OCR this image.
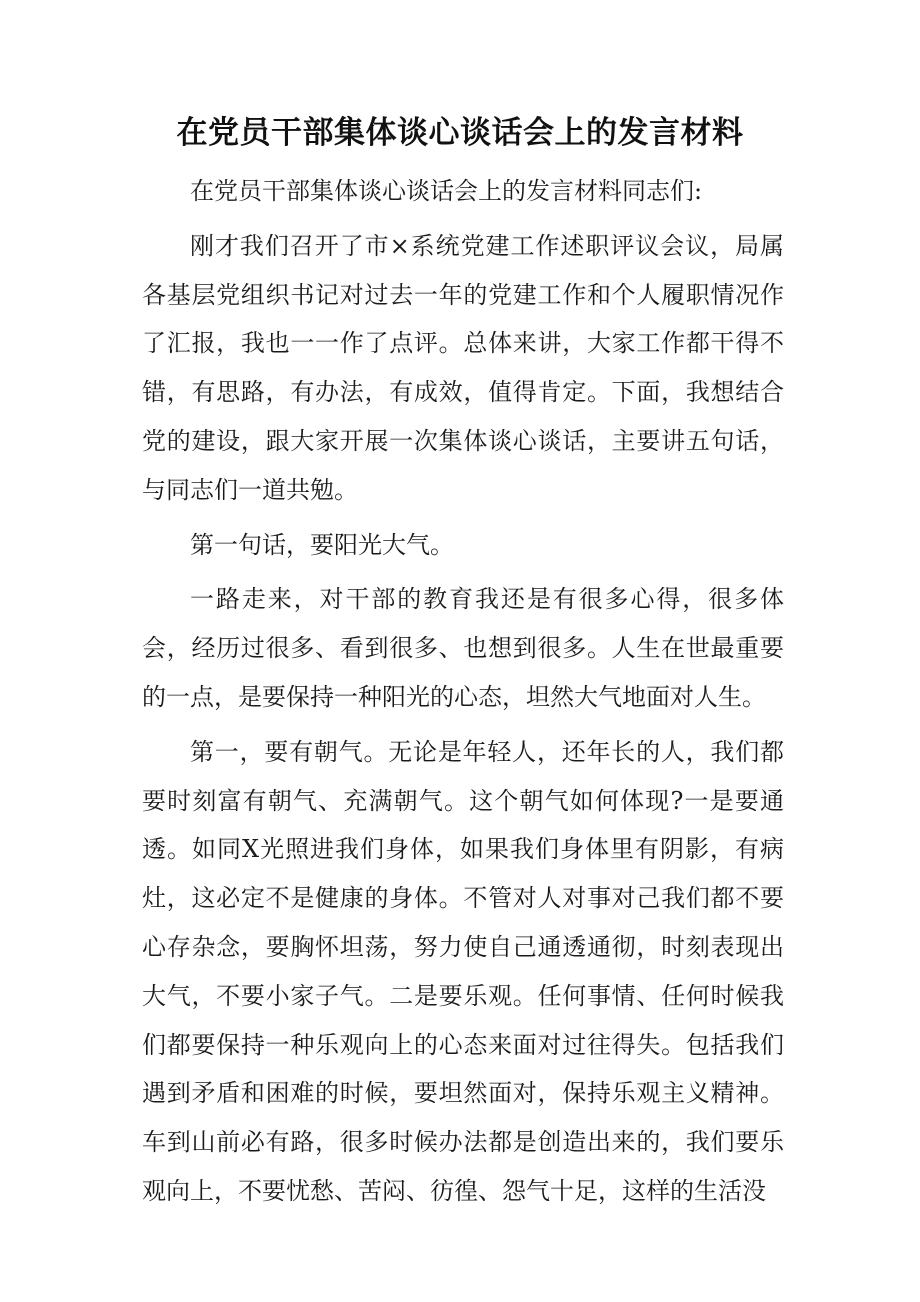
在党员干部集体谈心谈话会上的发言材料

在党员干部集体谈心谈话会上的发言材料同志们:

刚才我们召开了市×系统党建工作述职评议会议，局属各基层党组织书记对过去一年的党建工作和个人履职情况作了汇报，我也一一作了点评。总体来讲，大家工作都干得不错，有思路，有办法，有成效，值得肯定。下面，我想结合党的建设，跟大家开展一次集体谈心谈话，主要讲五句话，与同志们一道共勉。

第一句话，要阳光大气。

一路走来，对干部的教育我还是有很多心得，很多体会，经历过很多、看到很多、也想到很多。人生在世最重要的一点，是要保持一种阳光的心态，坦然大气地面对人生。

第一，要有朝气。无论是年轻人，还年长的人，我们都要时刻富有朝气、充满朝气。这个朝气如何体现?一是要通透。如同X光照进我们身体，如果我们身体里有阴影，有病灶，这必定不是健康的身体。不管对人对事对己我们都不要心存杂念，要胸怀坦荡，努力使自己通透通彻，时刻表现出大气，不要小家子气。二是要乐观。任何事情、任何时候我们都要保持一种乐观向上的心态来面对过往得失。包括我们遇到矛盾和困难的时候，要坦然面对，保持乐观主义精神。车到山前必有路，很多时候办法都是创造出来的，我们要乐观向上，不要忧愁、苦闷、彷徨、怨气十足，这样的生活没
